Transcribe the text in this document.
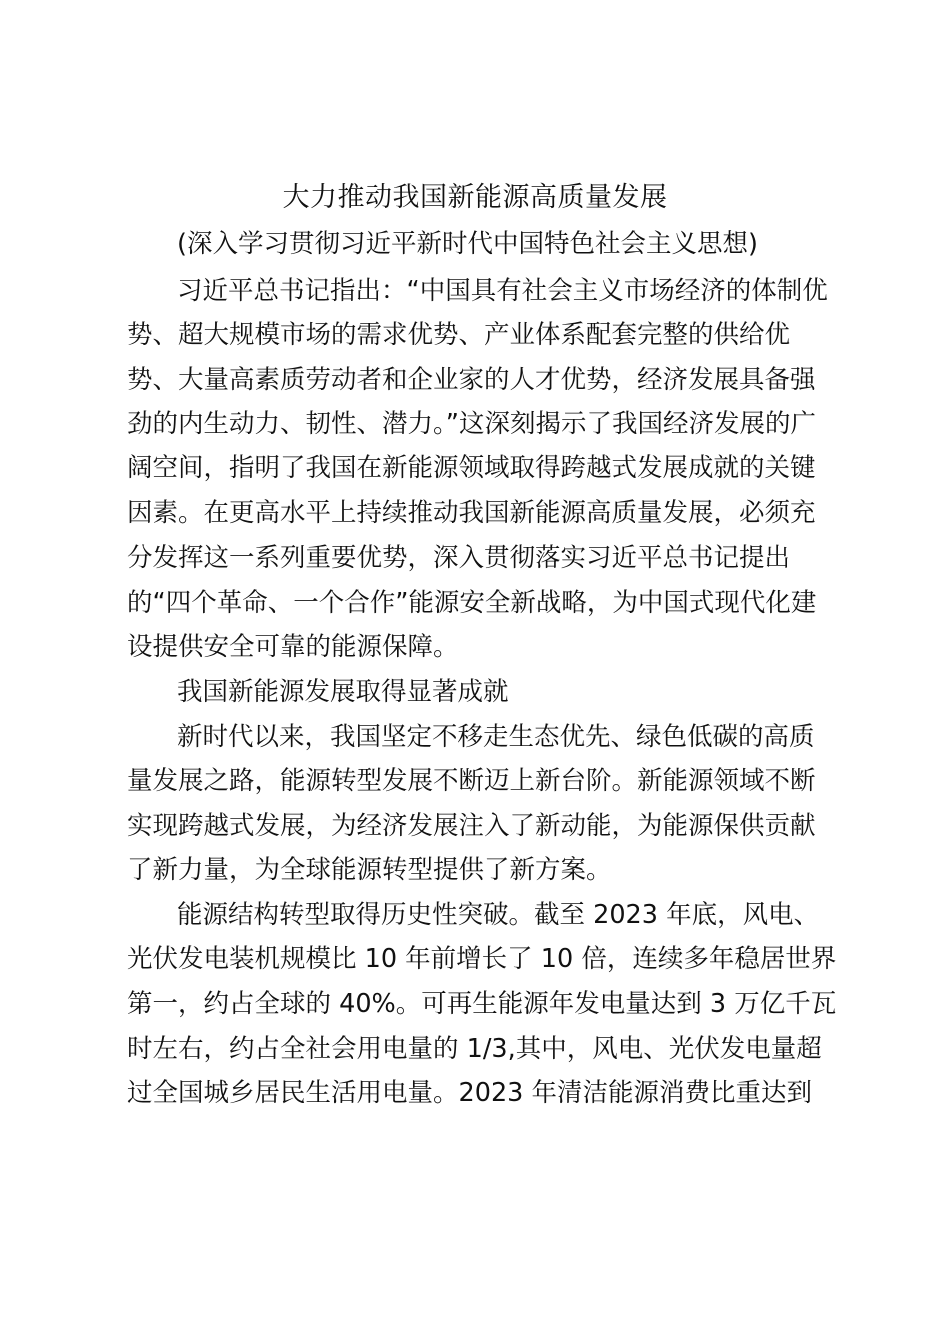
大力推动我国新能源高质量发展

(深入学习贯彻习近平新时代中国特色社会主义思想)

习近平总书记指出：“中国具有社会主义市场经济的体制优

势、超大规模市场的需求优势、产业体系配套完整的供给优

势、大量高素质劳动者和企业家的人才优势，经济发展具备强

劲的内生动力、韧性、潜力。”这深刻揭示了我国经济发展的广

阔空间，指明了我国在新能源领域取得跨越式发展成就的关键

因素。在更高水平上持续推动我国新能源高质量发展，必须充

分发挥这一系列重要优势，深入贯彻落实习近平总书记提出

的“四个革命、一个合作”能源安全新战略，为中国式现代化建

设提供安全可靠的能源保障。

我国新能源发展取得显著成就

新时代以来，我国坚定不移走生态优先、绿色低碳的高质

量发展之路，能源转型发展不断迈上新台阶。新能源领域不断

实现跨越式发展，为经济发展注入了新动能，为能源保供贡献

了新力量，为全球能源转型提供了新方案。

能源结构转型取得历史性突破。截至 2023 年底，风电、

光伏发电装机规模比 10 年前增长了 10 倍，连续多年稳居世界

第一，约占全球的 40%。可再生能源年发电量达到 3 万亿千瓦

时左右，约占全社会用电量的 1/3,其中，风电、光伏发电量超

过全国城乡居民生活用电量。2023 年清洁能源消费比重达到
